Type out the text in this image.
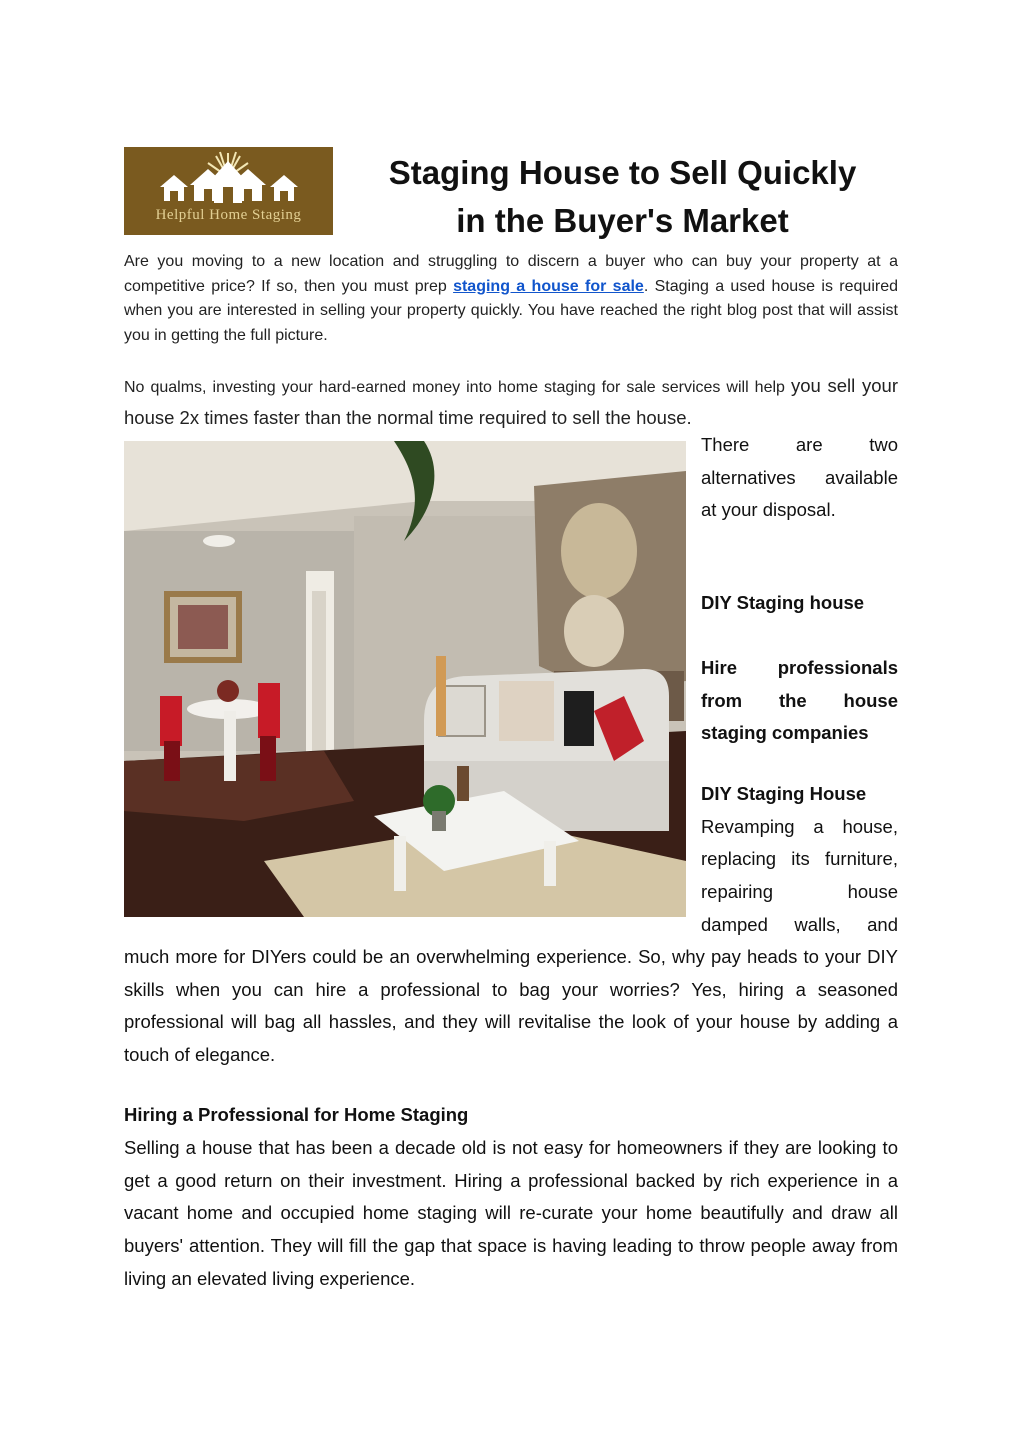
Helpful Home Staging
Staging House to Sell Quickly
in the Buyer's Market

Are you moving to a new location and struggling to discern a buyer who can buy your property at a competitive price? If so, then you must prep staging a house for sale. Staging a used house is required when you are interested in selling your property quickly. You have reached the right blog post that will assist you in getting the full picture.

No qualms, investing your hard-earned money into home staging for sale services will help you sell your house 2x times faster than the normal time required to sell the house.

There are two

alternatives available

at your disposal.

DIY Staging house

Hire professionals

from the house

staging companies

DIY Staging House

Revamping a house,

replacing its furniture,

repairing house

damped walls, and

much more for DIYers could be an overwhelming experience. So, why pay heads to your DIY skills when you can hire a professional to bag your worries? Yes, hiring a seasoned professional will bag all hassles, and they will revitalise the look of your house by adding a touch of elegance.

Hiring a Professional for Home Staging

Selling a house that has been a decade old is not easy for homeowners if they are looking to get a good return on their investment. Hiring a professional backed by rich experience in a vacant home and occupied home staging will re-curate your home beautifully and draw all buyers' attention. They will fill the gap that space is having leading to throw people away from living an elevated living experience.
